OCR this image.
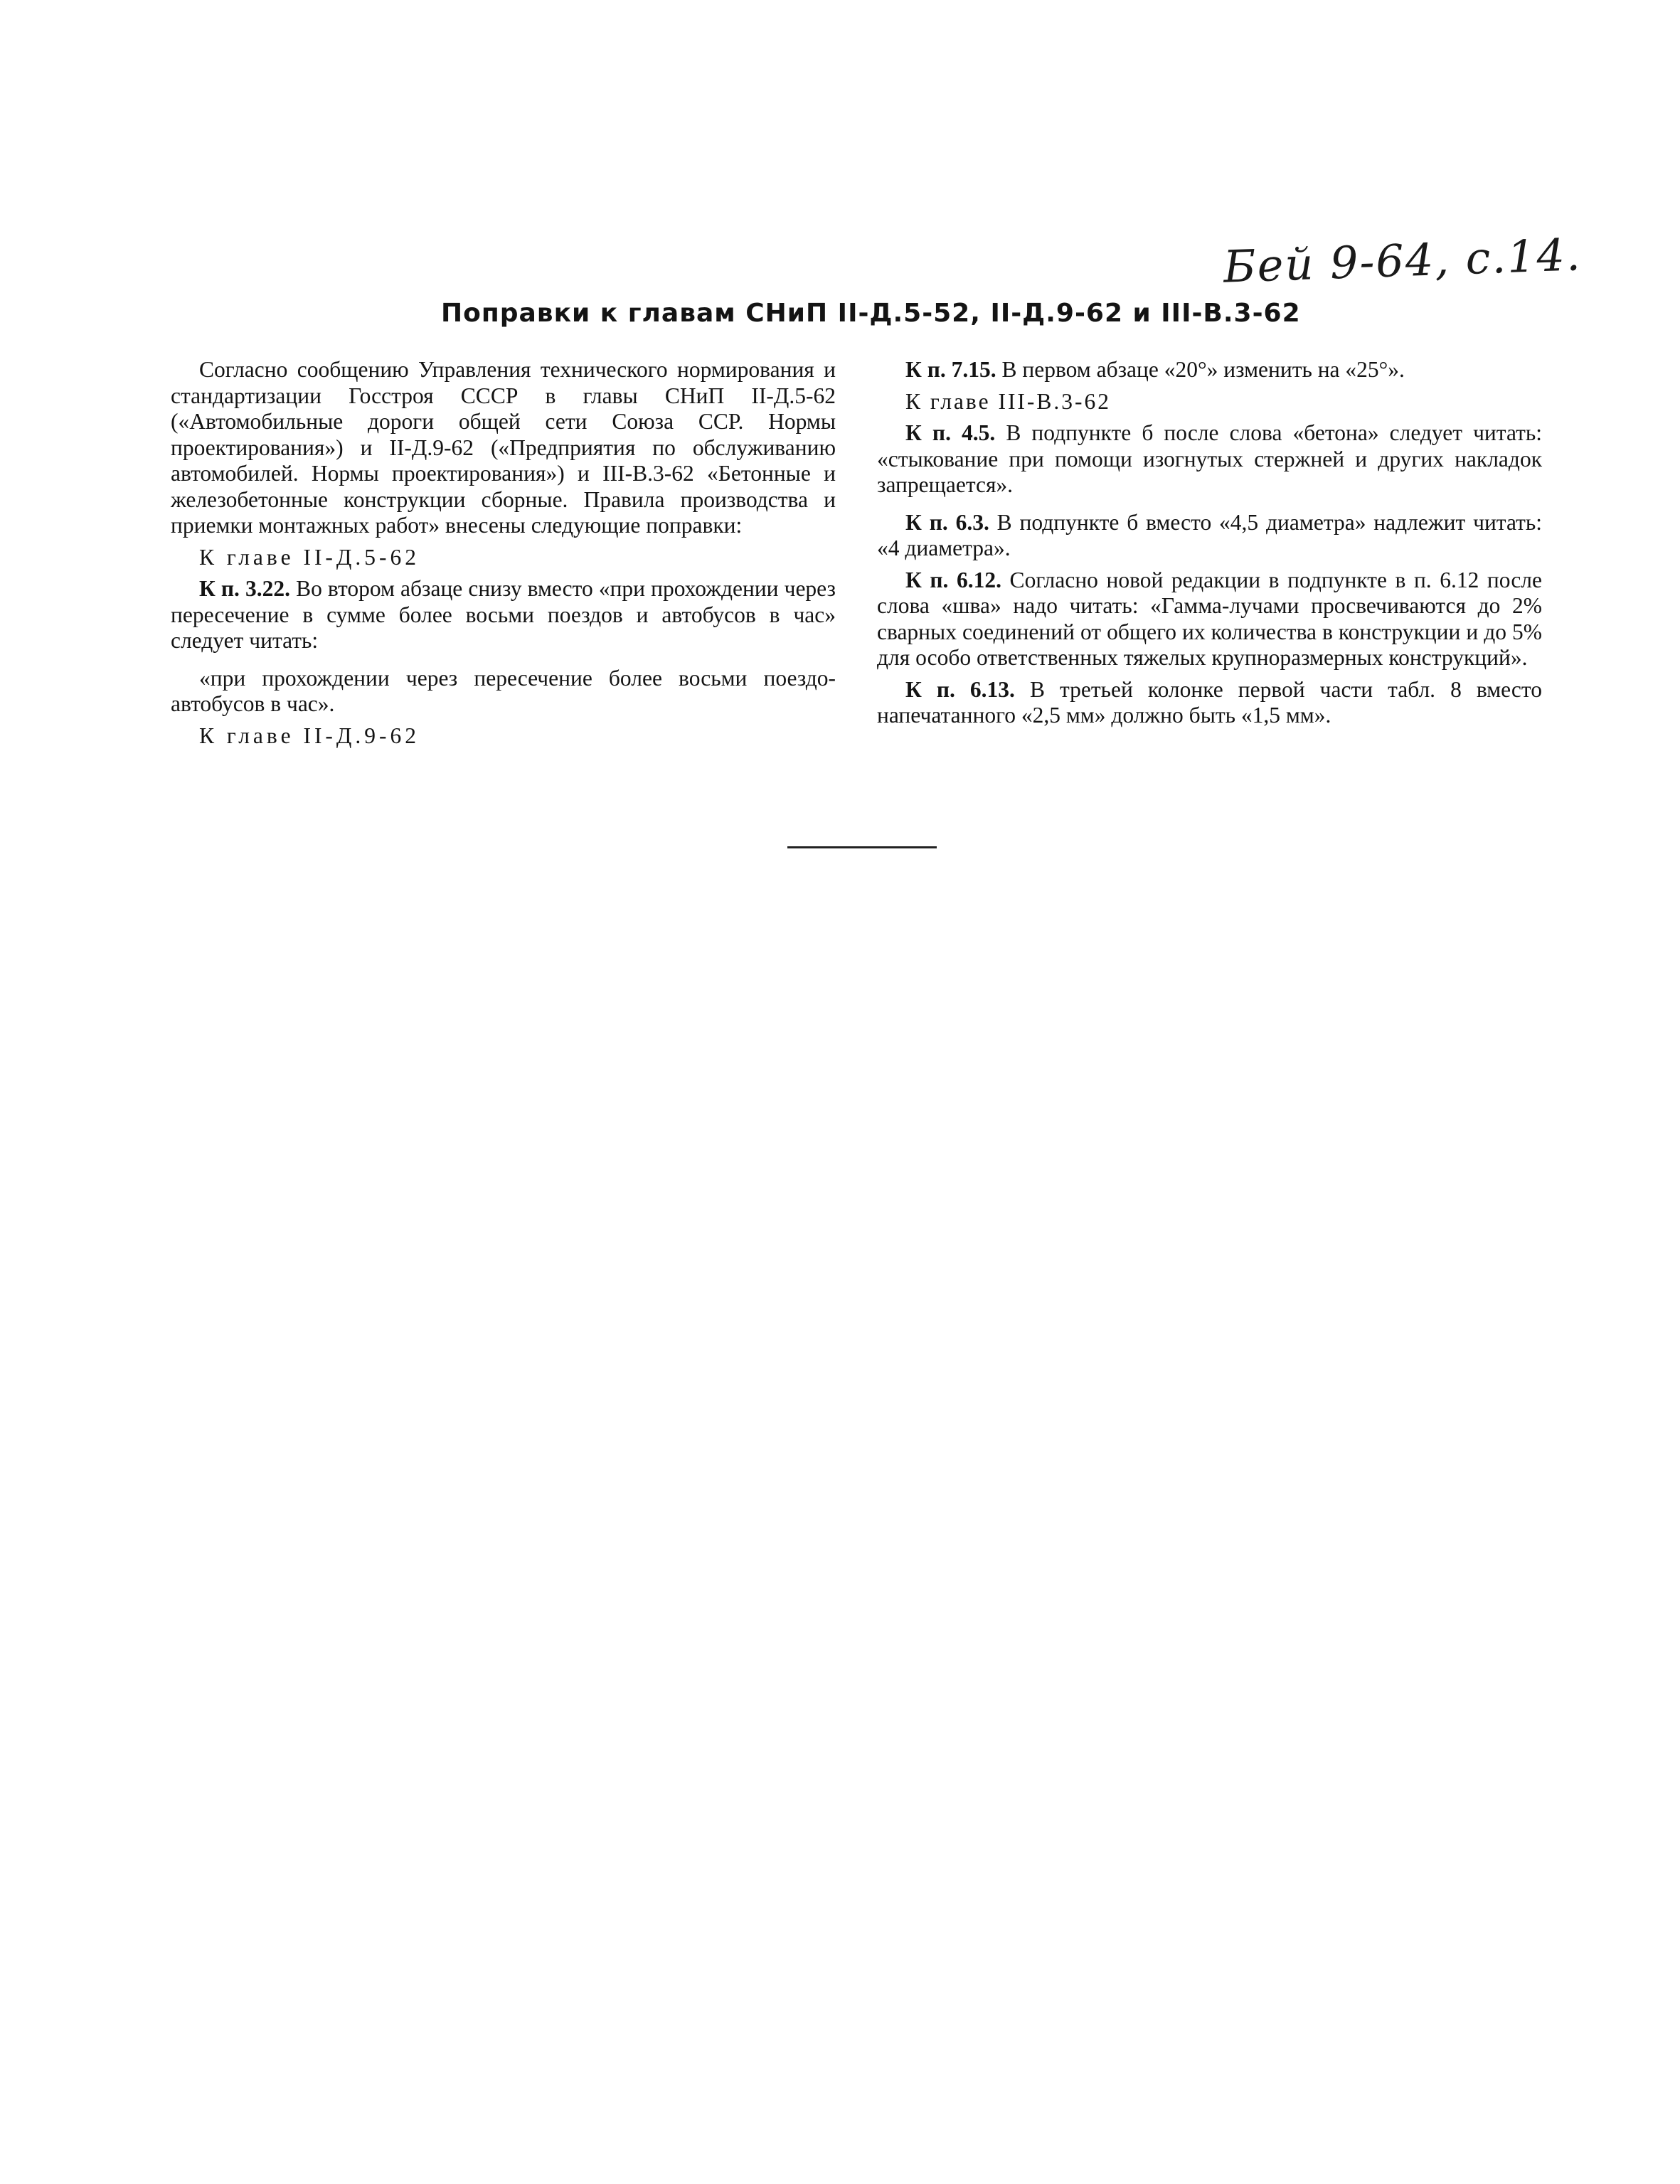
Бей 9-64, с.14.
Поправки к главам СНиП II-Д.5-52, II-Д.9-62 и III-В.3-62

Согласно сообщению Управления технического нормирования и стандартизации Госстроя СССР в главы СНиП II-Д.5-62 («Автомобильные дороги общей сети Союза ССР. Нормы проектирования») и II-Д.9-62 («Предприятия по обслуживанию автомобилей. Нормы проектирования») и III-В.3-62 «Бетонные и железобетонные конструкции сборные. Правила производства и приемки монтажных работ» внесены следующие поправки:

К главе II-Д.5-62

К п. 3.22. Во втором абзаце снизу вместо «при прохождении через пересечение в сумме более восьми поездов и автобусов в час» следует читать:

«при прохождении через пересечение более восьми поездо-автобусов в час».

К главе II-Д.9-62

К п. 7.15. В первом абзаце «20°» изменить на «25°».

К главе III-В.3-62

К п. 4.5. В подпункте б после слова «бетона» следует читать: «стыкование при помощи изогнутых стержней и других накладок запрещается».

К п. 6.3. В подпункте б вместо «4,5 диаметра» надлежит читать: «4 диаметра».

К п. 6.12. Согласно новой редакции в подпункте в п. 6.12 после слова «шва» надо читать: «Гамма-лучами просвечиваются до 2% сварных соединений от общего их количества в конструкции и до 5% для особо ответственных тяжелых крупноразмерных конструкций».

К п. 6.13. В третьей колонке первой части табл. 8 вместо напечатанного «2,5 мм» должно быть «1,5 мм».
